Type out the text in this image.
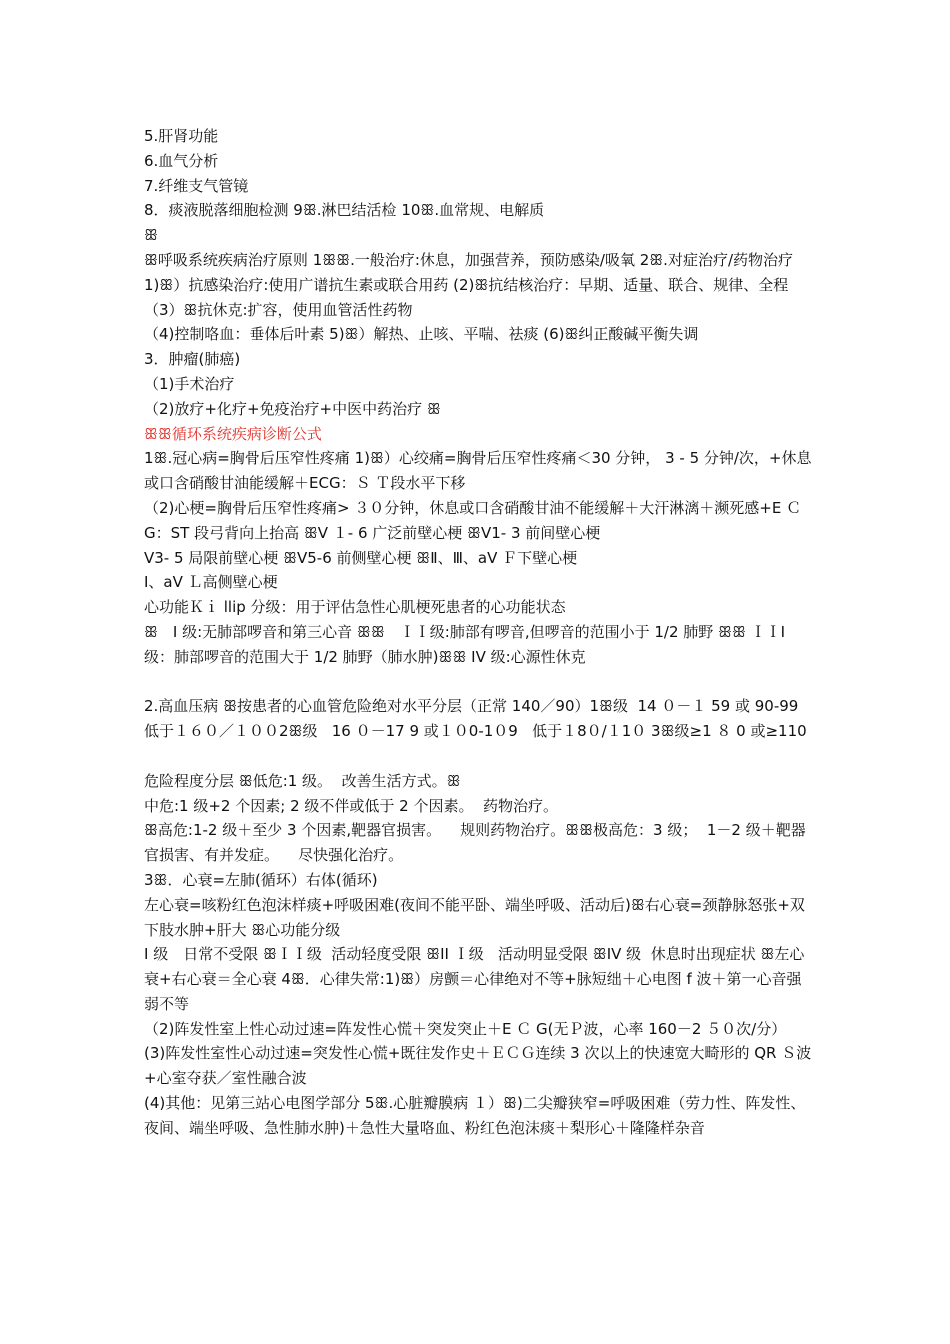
5.肝肾功能

6.血气分析

7.纤维支气管镜

8．痰液脱落细胞检测 9ꕥ.淋巴结活检 10ꕥ.血常规、电解质

ꕥ

ꕥ呼吸系统疾病治疗原则 1ꕥꕥ.一般治疗:休息，加强营养，预防感染/吸氧 2ꕥ.对症治疗/药物治疗 1)ꕥ）抗感染治疗:使用广谱抗生素或联合用药 (2)ꕥ抗结核治疗：早期、适量、联合、规律、全程 （3）ꕥ抗休克:扩容，使用血管活性药物

（4)控制咯血：垂体后叶素 5)ꕥ）解热、止咳、平喘、祛痰 (6)ꕥ纠正酸碱平衡失调

3．肿瘤(肺癌)

（1)手术治疗

（2)放疗+化疗+免疫治疗+中医中药治疗 ꕥ

ꕥꕥ循环系统疾病诊断公式

1ꕥ.冠心病=胸骨后压窄性疼痛 1)ꕥ）心绞痛=胸骨后压窄性疼痛＜30 分钟， 3 - 5 分钟/次，+休息或口含硝酸甘油能缓解＋ECG：Ｓ Ｔ段水平下移

（2)心梗=胸骨后压窄性疼痛> ３０分钟，休息或口含硝酸甘油不能缓解＋大汗淋漓＋濒死感+E Ｃ G：ST 段弓背向上抬高 ꕥV １- 6 广泛前壁心梗 ꕥV1- 3 前间壁心梗

V3- 5 局限前壁心梗 ꕥV5-6 前侧壁心梗 ꕥⅡ、Ⅲ、aV Ｆ下壁心梗

I、aV Ｌ高侧壁心梗

心功能Ｋｉ llip 分级：用于评估急性心肌梗死患者的心功能状态

ꕥ　I 级:无肺部啰音和第三心音 ꕥꕥ　ＩＩ级:肺部有啰音,但啰音的范围小于 1/2 肺野 ꕥꕥ ＩＩI 级：肺部啰音的范围大于 1/2 肺野（肺水肿)ꕥꕥ IV 级:心源性休克

2.高血压病 ꕥ按患者的心血管危险绝对水平分层（正常 140／90）1ꕥ级  14 ０－１ 59 或 90-99 低于１６０／１００2ꕥ级   16 ０－17 9 或１０0-1０9   低于１8０/１1０ 3ꕥ级≥1 ８ 0 或≥110

危险程度分层 ꕥ低危:1 级。  改善生活方式。ꕥ

中危:1 级+2 个因素; 2 级不伴或低于 2 个因素。  药物治疗。

ꕥ高危:1-2 级＋至少 3 个因素,靶器官损害。    规则药物治疗。ꕥꕥ极高危：3 级；  1－2 级＋靶器官损害、有并发症。    尽快强化治疗。

3ꕥ．心衰=左肺(循环）右体(循环)

左心衰=咳粉红色泡沫样痰+呼吸困难(夜间不能平卧、端坐呼吸、活动后)ꕥ右心衰=颈静脉怒张+双下肢水肿+肝大 ꕥ心功能分级

I 级　日常不受限 ꕥＩＩ级  活动轻度受限 ꕥII Ｉ级   活动明显受限 ꕥIV 级  休息时出现症状 ꕥ左心衰+右心衰＝全心衰 4ꕥ．心律失常:1)ꕥ）房颤＝心律绝对不等+脉短绌＋心电图 f 波＋第一心音强弱不等

（2)阵发性室上性心动过速=阵发性心慌＋突发突止＋E Ｃ G(无Ｐ波，心率 160－2 ５０次/分）

(3)阵发性室性心动过速=突发性心慌+既往发作史＋ＥＣＧ连续 3 次以上的快速宽大畸形的 QR Ｓ波+心室夺获／室性融合波

(4)其他：见第三站心电图学部分 5ꕥ.心脏瓣膜病 １）ꕥ)二尖瓣狭窄=呼吸困难（劳力性、阵发性、夜间、端坐呼吸、急性肺水肿)＋急性大量咯血、粉红色泡沫痰＋梨形心＋隆隆样杂音
